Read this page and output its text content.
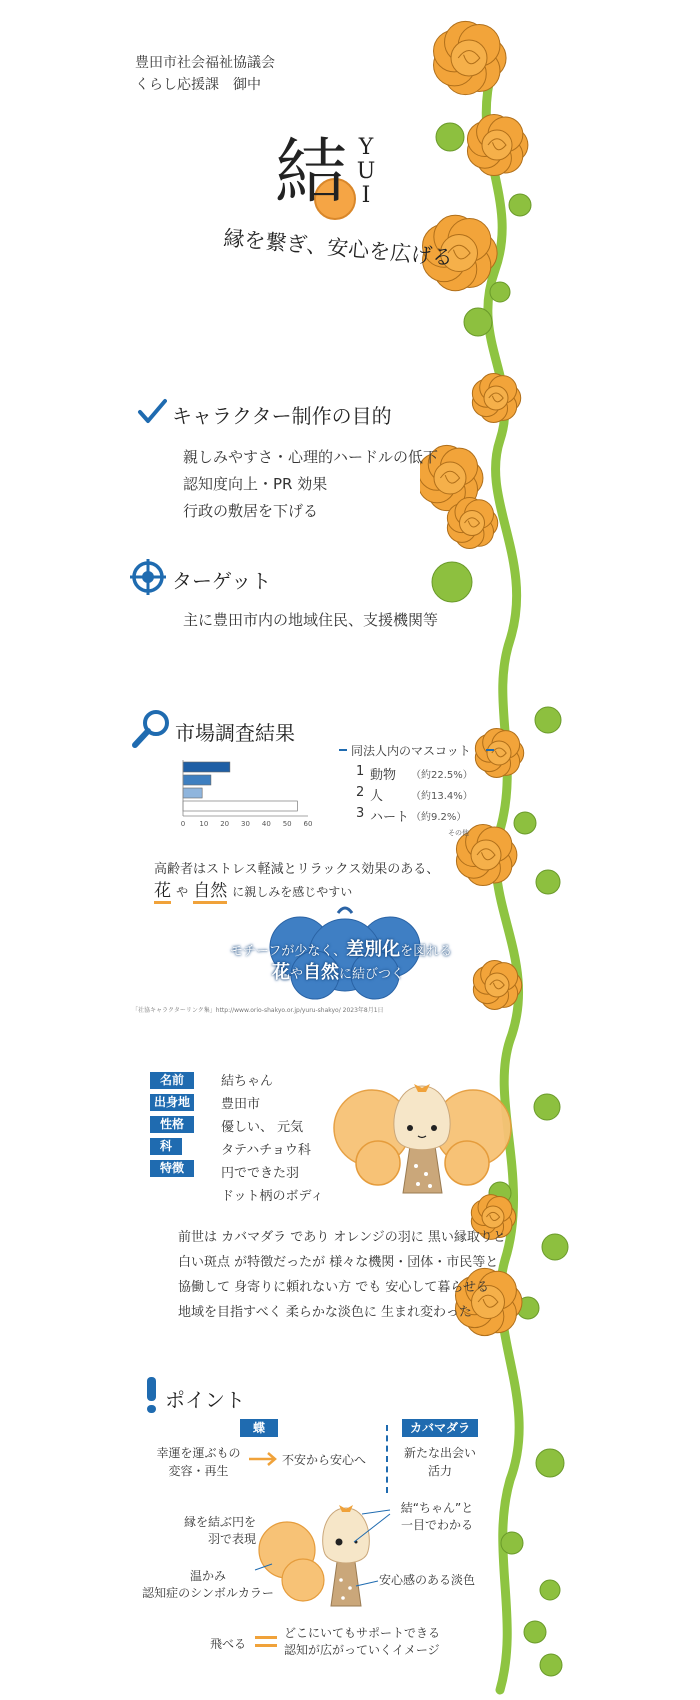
豊田市社会福祉協議会
くらし応援課　御中
結 Y
U
I
縁を繋ぎ、安心を広げる
キャラクター制作の目的
親しみやすさ・心理的ハードルの低下
認知度向上・PR 効果
行政の敷居を下げる
ターゲット
主に豊田市内の地域住民、支援機関等
市場調査結果
同法人内のマスコット
0 10 20 30 40 50 60
1 動物 （約22.5%）
2 人	（約13.4%）
3 ハート （約9.2%）
その他
高齢者はストレス軽減とリラックス効果のある、
花 や 自然 に親しみを感じやすい
モチーフが少なく、差別化を図れる
花や自然に結びつく
「社協キャラクターリンク集」http://www.orio-shakyo.or.jp/yuru-shakyo/ 2023年8月1日
名前
出身地
性格
科
特徴
結ちゃん
豊田市
優しい、 元気
タテハチョウ科
円でできた羽
ドット柄のボディ
前世は カバマダラ であり オレンジの羽に 黒い縁取りと
白い斑点 が特徴だったが 様々な機関・団体・市民等と
協働して 身寄りに頼れない方 でも 安心して暮らせる
地域を目指すべく 柔らかな淡色に 生まれ変わった
ポイント
蝶
幸運を運ぶもの
変容・再生
不安から安心へ
カバマダラ
新たな出会い
活力
縁を結ぶ円を
羽で表現
温かみ
認知症のシンボルカラー
結“ちゃん”と
一目でわかる
安心感のある淡色
飛べる
どこにいてもサポートできる
認知が広がっていくイメージ
